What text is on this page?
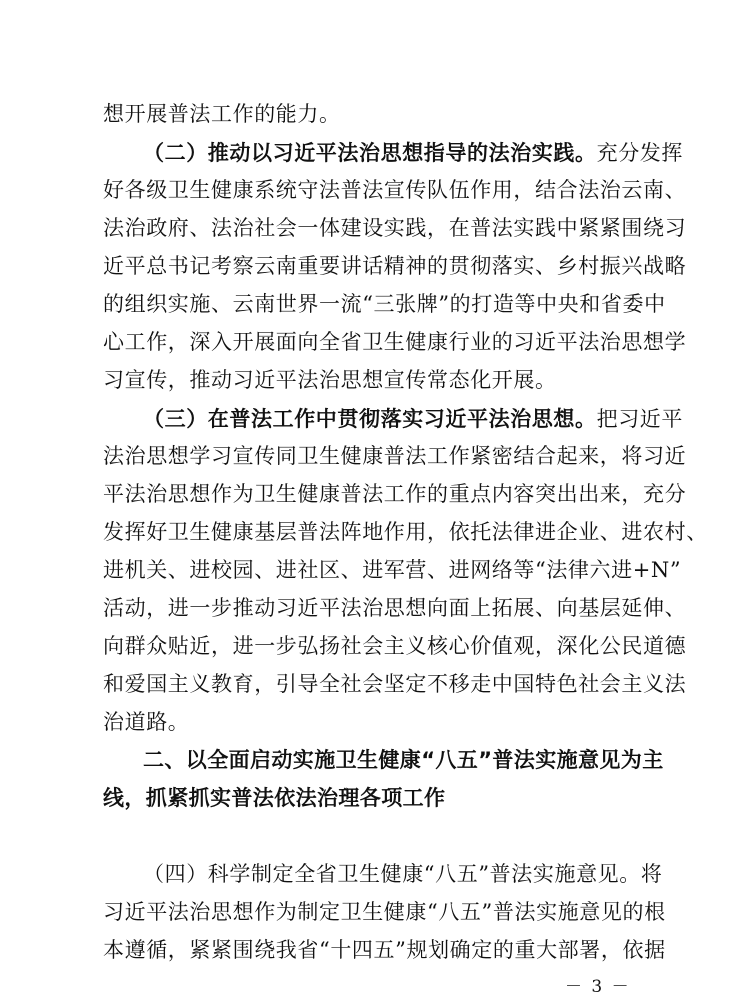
想开展普法工作的能力。
（二）推动以习近平法治思想指导的法治实践。充分发挥
好各级卫生健康系统守法普法宣传队伍作用，结合法治云南、
法治政府、法治社会一体建设实践，在普法实践中紧紧围绕习
近平总书记考察云南重要讲话精神的贯彻落实、乡村振兴战略
的组织实施、云南世界一流“三张牌”的打造等中央和省委中
心工作，深入开展面向全省卫生健康行业的习近平法治思想学
习宣传，推动习近平法治思想宣传常态化开展。
（三）在普法工作中贯彻落实习近平法治思想。把习近平
法治思想学习宣传同卫生健康普法工作紧密结合起来，将习近
平法治思想作为卫生健康普法工作的重点内容突出出来，充分
发挥好卫生健康基层普法阵地作用，依托法律进企业、进农村、
进机关、进校园、进社区、进军营、进网络等“法律六进+N”
活动，进一步推动习近平法治思想向面上拓展、向基层延伸、
向群众贴近，进一步弘扬社会主义核心价值观，深化公民道德
和爱国主义教育，引导全社会坚定不移走中国特色社会主义法
治道路。
二、以全面启动实施卫生健康“八五”普法实施意见为主
线，抓紧抓实普法依法治理各项工作
（四）科学制定全省卫生健康“八五”普法实施意见。将
习近平法治思想作为制定卫生健康“八五”普法实施意见的根
本遵循，紧紧围绕我省“十四五”规划确定的重大部署，依据
－ 3 －
